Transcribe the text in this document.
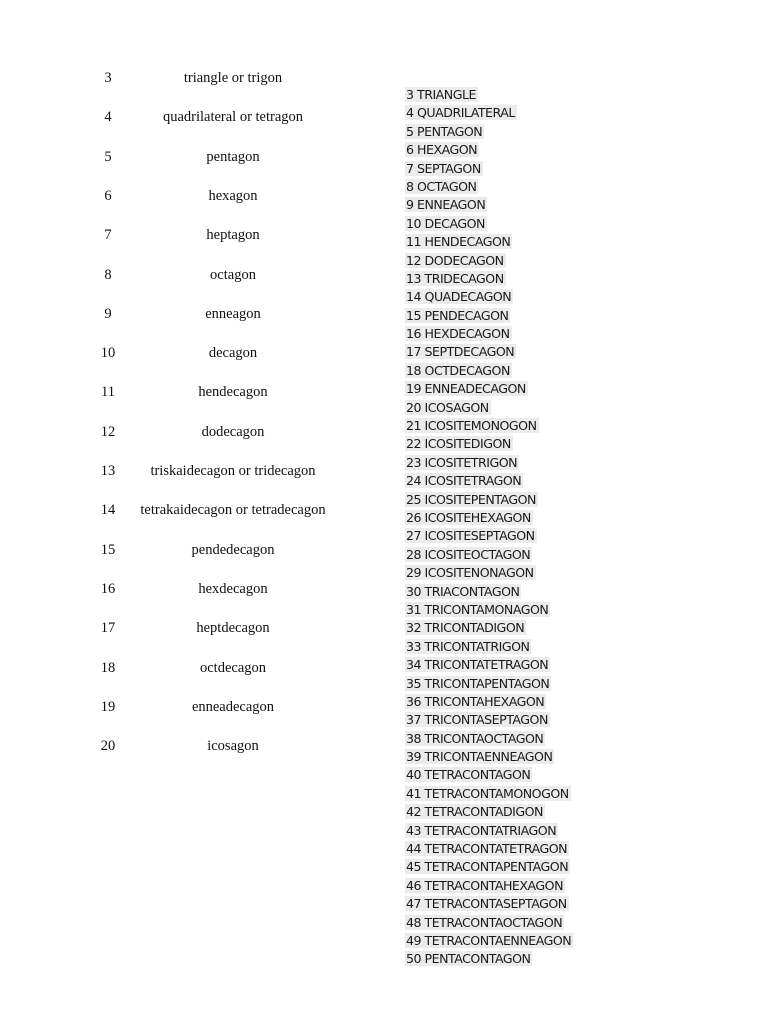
3	triangle or trigon
4	quadrilateral or tetragon
5	pentagon
6	hexagon
7	heptagon
8	octagon
9	enneagon
10	decagon
11	hendecagon
12	dodecagon
13	triskaidecagon or tridecagon
14	tetrakaidecagon or tetradecagon
15	pendedecagon
16	hexdecagon
17	heptdecagon
18	octdecagon
19	enneadecagon
20	icosagon
3 TRIANGLE
4 QUADRILATERAL
5 PENTAGON
6 HEXAGON
7 SEPTAGON
8 OCTAGON
9 ENNEAGON
10 DECAGON
11 HENDECAGON
12 DODECAGON
13 TRIDECAGON
14 QUADECAGON
15 PENDECAGON
16 HEXDECAGON
17 SEPTDECAGON
18 OCTDECAGON
19 ENNEADECAGON
20 ICOSAGON
21 ICOSITEMONOGON
22 ICOSITEDIGON
23 ICOSITETRIGON
24 ICOSITETRAGON
25 ICOSITEPENTAGON
26 ICOSITEHEXAGON
27 ICOSITESEPTAGON
28 ICOSITEOCTAGON
29 ICOSITENONAGON
30 TRIACONTAGON
31 TRICONTAMONAGON
32 TRICONTADIGON
33 TRICONTATRIGON
34 TRICONTATETRAGON
35 TRICONTAPENTAGON
36 TRICONTAHEXAGON
37 TRICONTASEPTAGON
38 TRICONTAOCTAGON
39 TRICONTAENNEAGON
40 TETRACONTAGON
41 TETRACONTAMONOGON
42 TETRACONTADIGON
43 TETRACONTATRIAGON
44 TETRACONTATETRAGON
45 TETRACONTAPENTAGON
46 TETRACONTAHEXAGON
47 TETRACONTASEPTAGON
48 TETRACONTAOCTAGON
49 TETRACONTAENNEAGON
50 PENTACONTAGON
